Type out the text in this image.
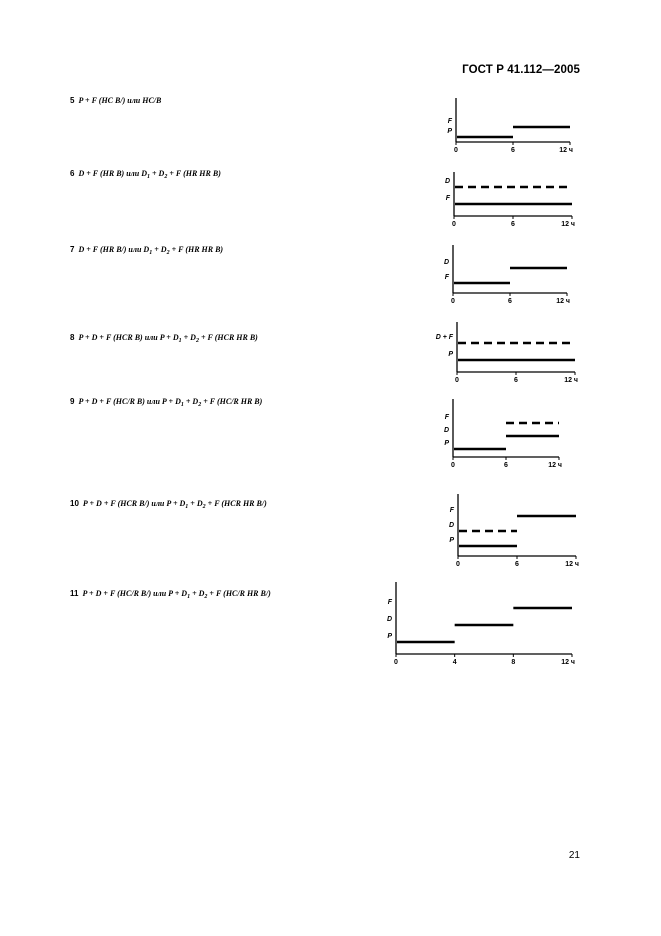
ГОСТ Р 41.112—2005
5 P + F (HC B/) или HC/B
6 D + F (HR B) или $D_1 + D_2 + F$ (HR HR B)
7 D + F (HR B/) или $D_1 + D_2 + F$ (HR HR B)
8 P + D + F (HCR B) или $P + D_1 + D_2 + F$ (HCR HR B)
9 P + D + F (HC/R B) или $P + D_1 + D_2 + F$ (HC/R HR B)
10 P + D + F (HCR B/) или $P + D_1 + D_2 + F$ (HCR HR B/)
11 P + D + F (HC/R B/) или $P + D_1 + D_2 + F$ (HC/R HR B/)
F
P
0	6	12 ч
D
F
0	6	12 ч
D
F
0	6	12 ч
D + F
P
0	6	12 ч
F
D
P
0	6	12 ч
F
D
P
0	6	12 ч
F
D
P
0	4	8	12 ч
21
